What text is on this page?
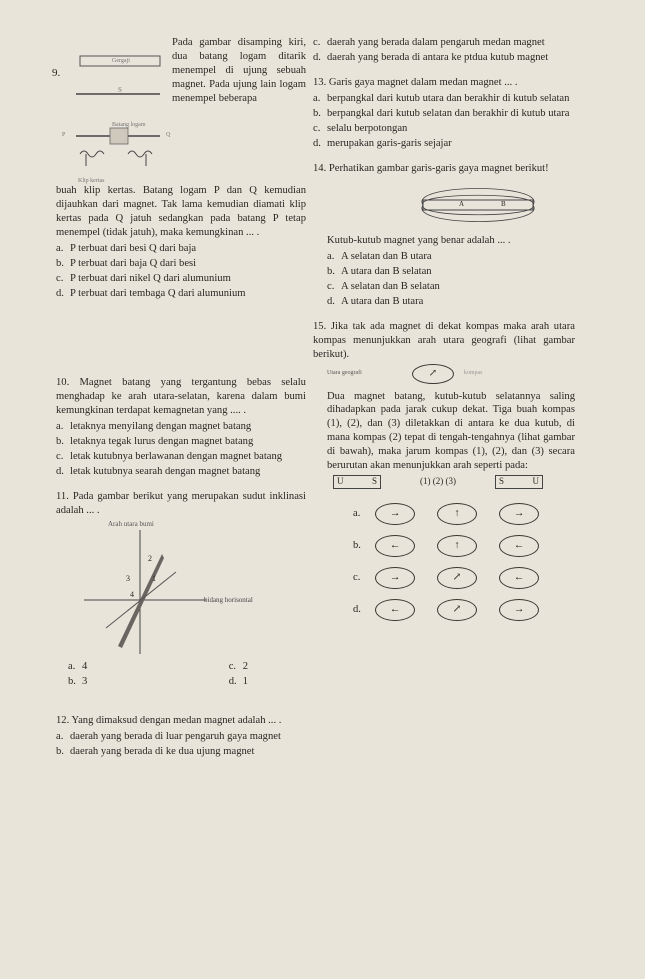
9.
Gergaji
S
Batang logam
P	Q
Klip kertas
Pada gambar disamping kiri, dua batang logam ditarik menempel di ujung sebuah magnet. Pada ujung lain logam menempel beberapa
buah klip kertas. Batang logam P dan Q kemudian dijauhkan dari magnet. Tak lama kemudian diamati klip kertas pada Q jatuh sedangkan pada batang P tetap menempel (tidak jatuh), maka kemungkinan ... .
a. P terbuat dari besi Q dari baja
b. P terbuat dari baja Q dari besi
c. P terbuat dari nikel Q dari alumunium
d. P terbuat dari tembaga Q dari alumunium
10. Magnet batang yang tergantung bebas selalu menghadap ke arah utara-selatan, karena dalam bumi kemungkinan terdapat kemagnetan yang .... .
a. letaknya menyilang dengan magnet batang
b. letaknya tegak lurus dengan magnet batang
c. letak kutubnya berlawanan dengan magnet batang
d. letak kutubnya searah dengan magnet batang
11. Pada gambar berikut yang merupakan sudut inklinasi adalah ... .
Arah utara bumi
1
2
3
4
bidang horisontal
a. 4	c. 2
b. 3	d. 1
12. Yang dimaksud dengan medan magnet adalah ... .
a. daerah yang berada di luar pengaruh gaya magnet
b. daerah yang berada di ke dua ujung magnet
c. daerah yang berada dalam pengaruh medan magnet
d. daerah yang berada di antara ke ptdua kutub magnet
13. Garis gaya magnet dalam medan magnet ... .
a. berpangkal dari kutub utara dan berakhir di kutub selatan
b. berpangkal dari kutub selatan dan berakhir di kutub utara
c. selalu berpotongan
d. merupakan garis-garis sejajar
14. Perhatikan gambar garis-garis gaya magnet berikut!
A	B
Kutub-kutub magnet yang benar adalah ... .
a. A selatan dan B utara
b. A utara dan B selatan
c. A selatan dan B selatan
d. A utara dan B utara
15. Jika tak ada magnet di dekat kompas maka arah utara kompas menunjukkan arah utara geografi (lihat gambar berikut).
Utara geografi	↗	kompas
Dua magnet batang, kutub-kutub selatannya saling dihadapkan pada jarak cukup dekat. Tiga buah kompas (1), (2), dan (3) diletakkan di antara ke dua kutub, di mana kompas (2) tepat di tengah-tengahnya (lihat gambar di bawah), maka jarum kompas (1), (2), dan (3) secara berurutan akan menunjukkan arah seperti pada:
U	S	(1) (2) (3)	S	U
a.	→	↑	→
b.	←	↑	←
c.	→	↗	←
d.	←	↗	→
